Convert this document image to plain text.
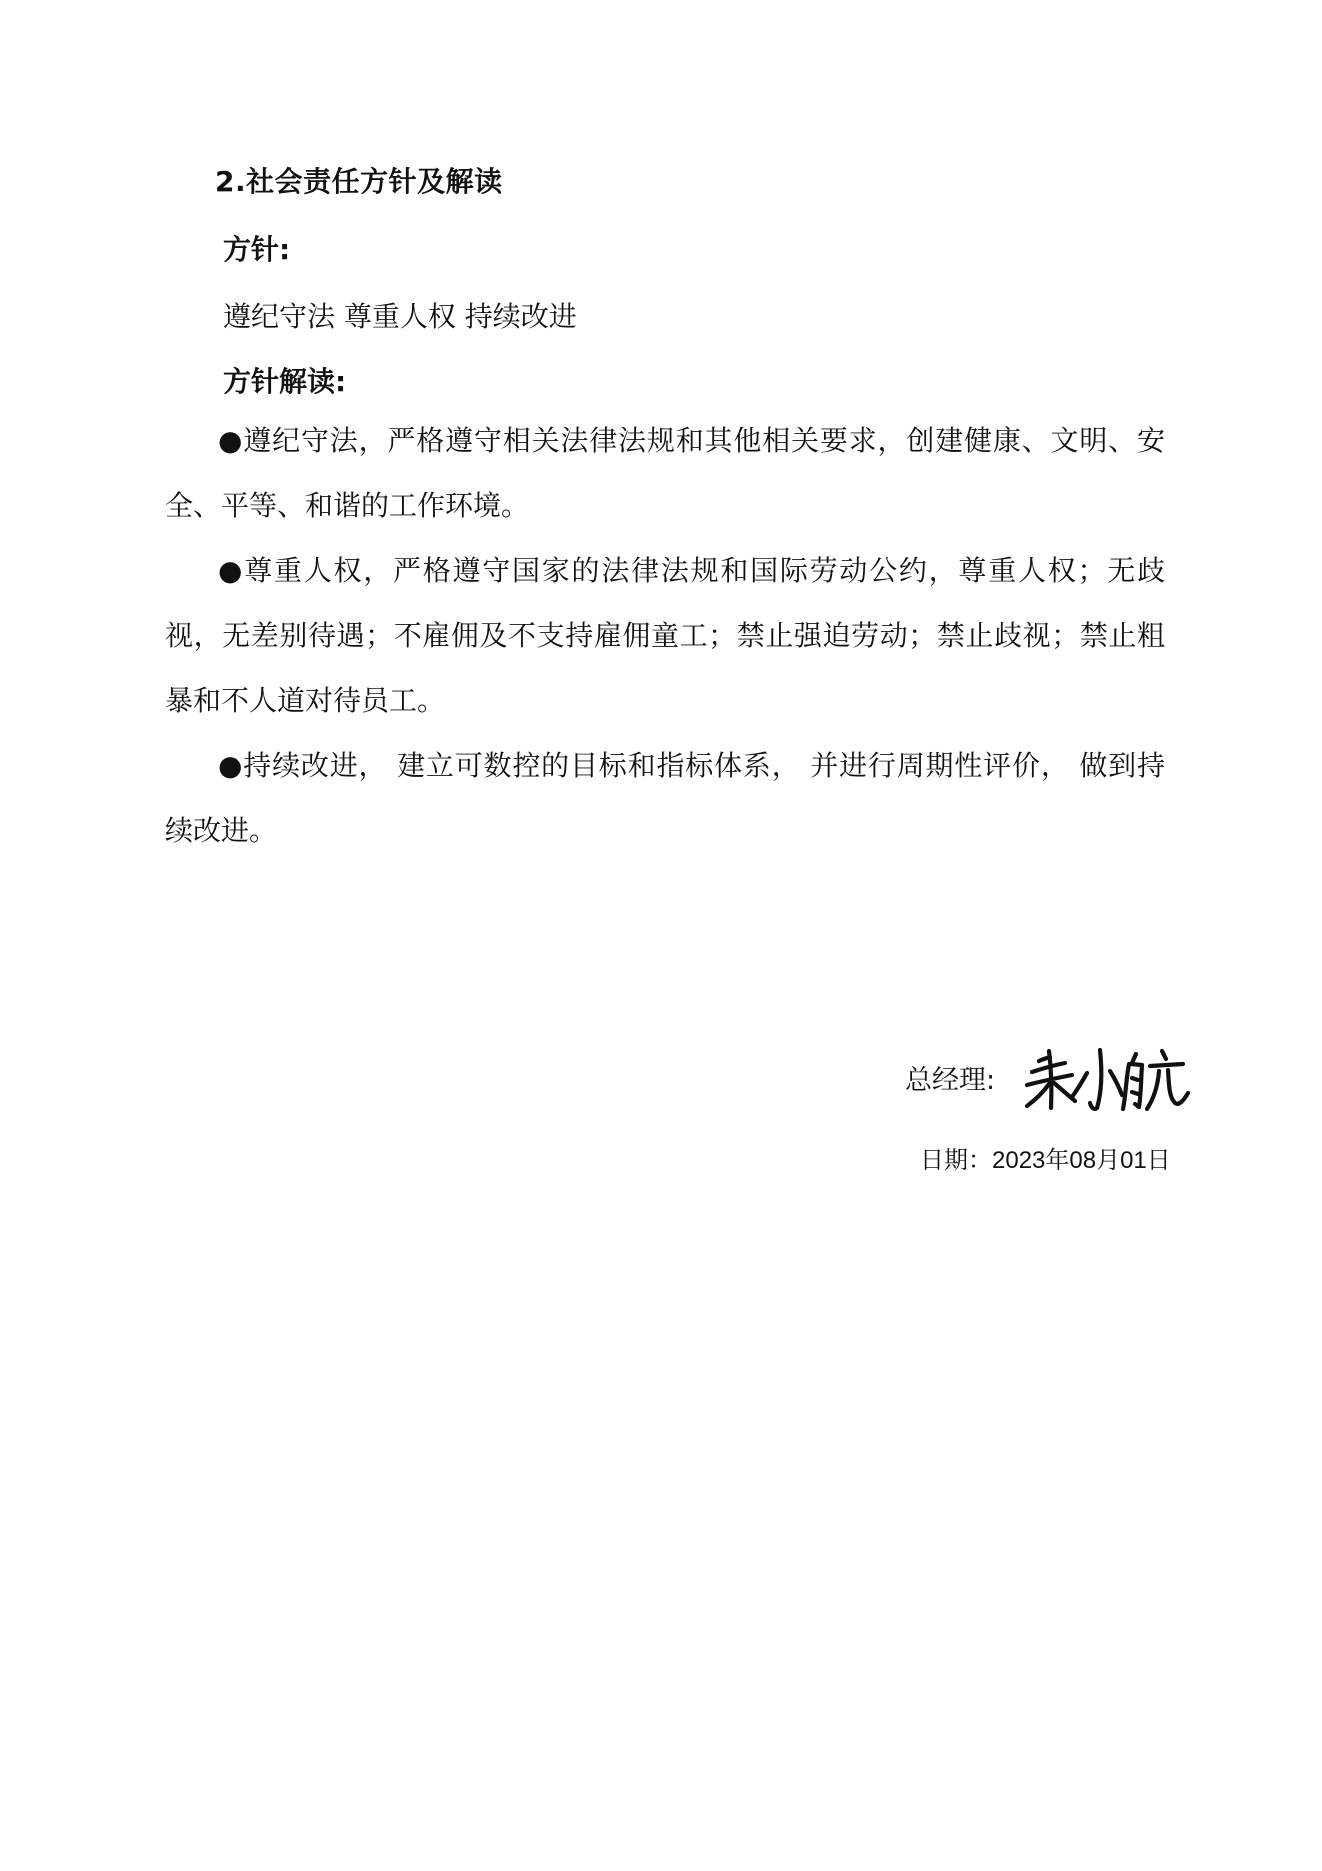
2.社会责任方针及解读
方针:

遵纪守法 尊重人权 持续改进

方针解读:

●遵纪守法，严格遵守相关法律法规和其他相关要求，创建健康、文明、安全、平等、和谐的工作环境。

●尊重人权，严格遵守国家的法律法规和国际劳动公约，尊重人权；无歧视，无差别待遇；不雇佣及不支持雇佣童工；禁止强迫劳动；禁止歧视；禁止粗暴和不人道对待员工。

●持续改进， 建立可数控的目标和指标体系， 并进行周期性评价， 做到持续改进。

总经理:
日期：2023年08月01日
